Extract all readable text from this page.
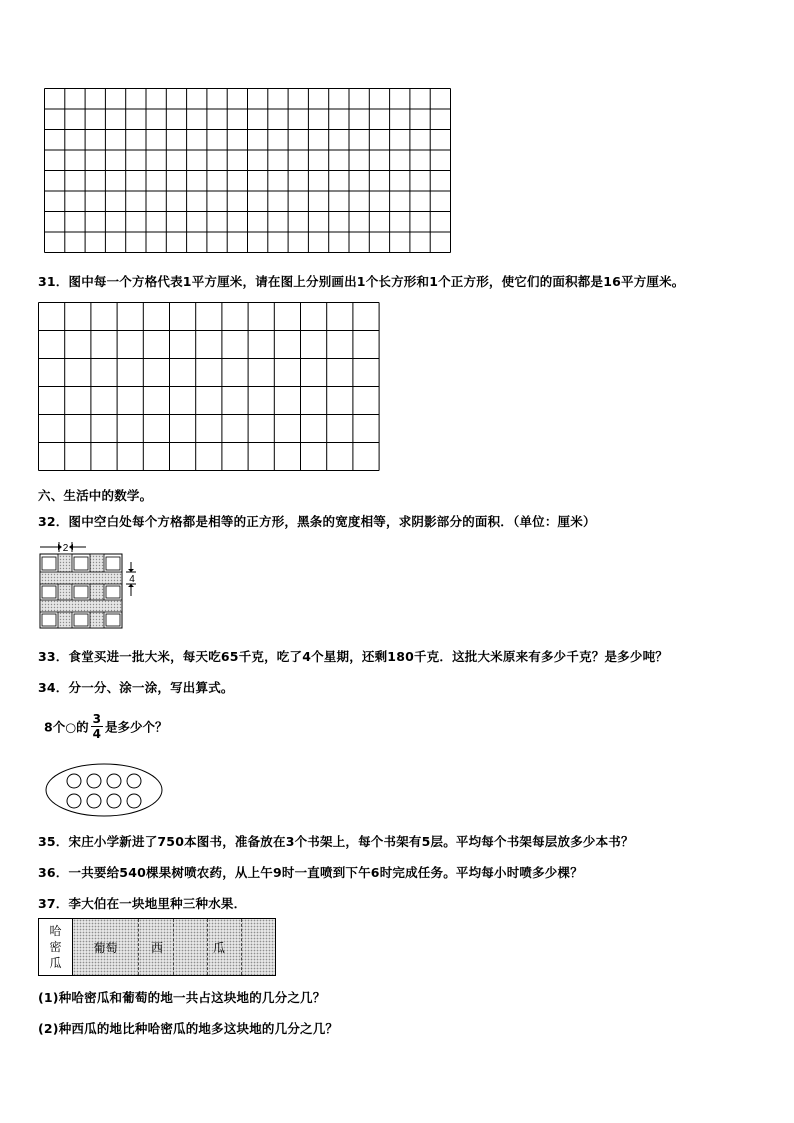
31．图中每一个方格代表1平方厘米，请在图上分别画出1个长方形和1个正方形，使它们的面积都是16平方厘米。
六、生活中的数学。
32．图中空白处每个方格都是相等的正方形，黑条的宽度相等，求阴影部分的面积．（单位：厘米）
2
4
33．食堂买进一批大米，每天吃65千克，吃了4个星期，还剩180千克．这批大米原来有多少千克？是多少吨？
34．分一分、涂一涂，写出算式。
8个○的 $\frac{3}{4}$ 是多少个？
35．宋庄小学新进了750本图书，准备放在3个书架上，每个书架有5层。平均每个书架每层放多少本书？
36．一共要给540棵果树喷农药，从上午9时一直喷到下午6时完成任务。平均每小时喷多少棵？
37．李大伯在一块地里种三种水果．
哈
密
瓜
葡萄	西	瓜
(1)种哈密瓜和葡萄的地一共占这块地的几分之几？
(2)种西瓜的地比种哈密瓜的地多这块地的几分之几？
